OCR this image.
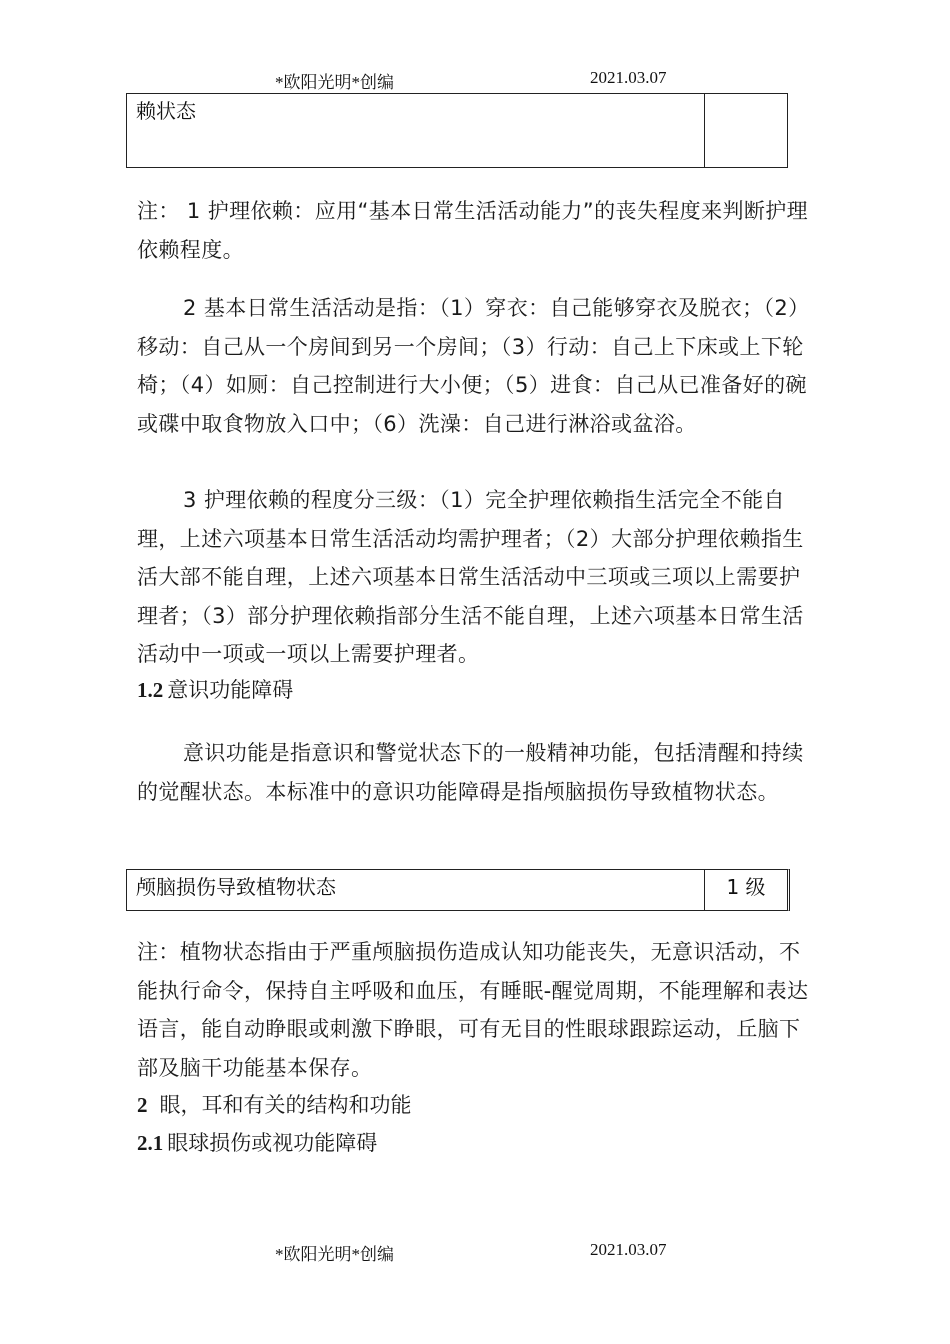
*欧阳光明*创编	2021.03.07
赖状态

注： 1 护理依赖：应用“基本日常生活活动能力”的丧失程度来判断护理依赖程度。

2 基本日常生活活动是指：（1）穿衣：自己能够穿衣及脱衣；（2）移动：自己从一个房间到另一个房间；（3）行动：自己上下床或上下轮椅；（4）如厕：自己控制进行大小便；（5）进食：自己从已准备好的碗或碟中取食物放入口中；（6）洗澡：自己进行淋浴或盆浴。

3 护理依赖的程度分三级：（1）完全护理依赖指生活完全不能自理，上述六项基本日常生活活动均需护理者；（2）大部分护理依赖指生活大部不能自理，上述六项基本日常生活活动中三项或三项以上需要护理者；（3）部分护理依赖指部分生活不能自理，上述六项基本日常生活活动中一项或一项以上需要护理者。

1.2 意识功能障碍

意识功能是指意识和警觉状态下的一般精神功能，包括清醒和持续的觉醒状态。本标准中的意识功能障碍是指颅脑损伤导致植物状态。

颅脑损伤导致植物状态	1 级

注：植物状态指由于严重颅脑损伤造成认知功能丧失，无意识活动，不能执行命令，保持自主呼吸和血压，有睡眠-醒觉周期，不能理解和表达语言，能自动睁眼或刺激下睁眼，可有无目的性眼球跟踪运动，丘脑下部及脑干功能基本保存。

2 眼，耳和有关的结构和功能

2.1 眼球损伤或视功能障碍

*欧阳光明*创编	2021.03.07
